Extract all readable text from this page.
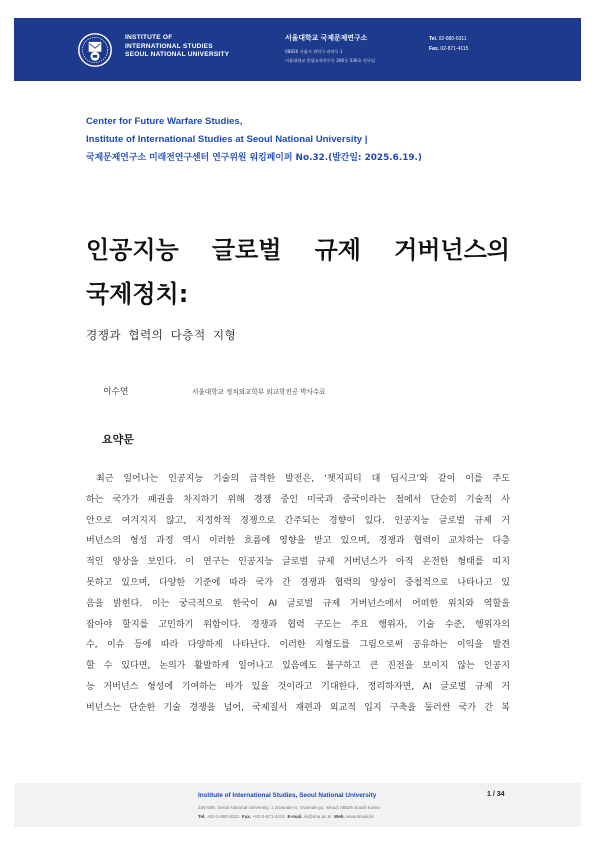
INSTITUTE OF
INTERNATIONAL STUDIES
SEOUL NATIONAL UNIVERSITY
서울대학교 국제문제연구소
08826 서울시 관악구 관악로 1
서울대학교 종합교육연구동 200동 536호 연구실
Tel. 02-880-6311
Fax. 02-871-4115
Center for Future Warfare Studies,
Institute of International Studies at Seoul National University |
국제문제연구소 미래전연구센터 연구위원 워킹페이퍼 No.32.(발간일: 2025.6.19.)
인공지능 글로벌 규제 거버넌스의
국제정치:
경쟁과 협력의 다층적 지형
이수연	서울대학교 정치외교학부 외교학전공 박사수료
요약문
최근 일어나는 인공지능 기술의 급격한 발전은, ‘챗지피티 대 딥시크’와 같이 이를 주도
하는 국가가 패권을 차지하기 위해 경쟁 중인 미국과 중국이라는 점에서 단순히 기술적 사
안으로 여겨지지 않고, 지정학적 경쟁으로 간주되는 경향이 있다. 인공지능 글로벌 규제 거
버넌스의 형성 과정 역시 이러한 흐름에 영향을 받고 있으며, 경쟁과 협력이 교차하는 다층
적인 양상을 보인다. 이 연구는 인공지능 글로벌 규제 거버넌스가 아직 온전한 형태를 띠지
못하고 있으며, 다양한 기준에 따라 국가 간 경쟁과 협력의 양상이 중첩적으로 나타나고 있
음을 밝힌다. 이는 궁극적으로 한국이 AI 글로벌 규제 거버넌스에서 어떠한 위치와 역할을
잡아야 할지를 고민하기 위함이다. 경쟁과 협력 구도는 주요 행위자, 기술 수준, 행위자의
수, 이슈 등에 따라 다양하게 나타난다. 이러한 지형도를 그림으로써 공유하는 이익을 발견
할 수 있다면, 논의가 활발하게 일어나고 있음에도 불구하고 큰 진전을 보이지 않는 인공지
능 거버넌스 형성에 기여하는 바가 있을 것이라고 기대한다. 정리하자면, AI 글로벌 규제 거
버넌스는 단순한 기술 경쟁을 넘어, 국제질서 재편과 외교적 입지 구축을 둘러싼 국가 간 복
Institute of International Studies, Seoul National University	1 / 34
236-506, Seoul National University, 1 Gwanak-ro, Gwanak-gu, Seoul, 08826 South Korea
Tel. +82-2-880-6311 Fax. +82-2-871-4115 E-mail. iis@snu.ac.kr Web. www.snuiis.kr
